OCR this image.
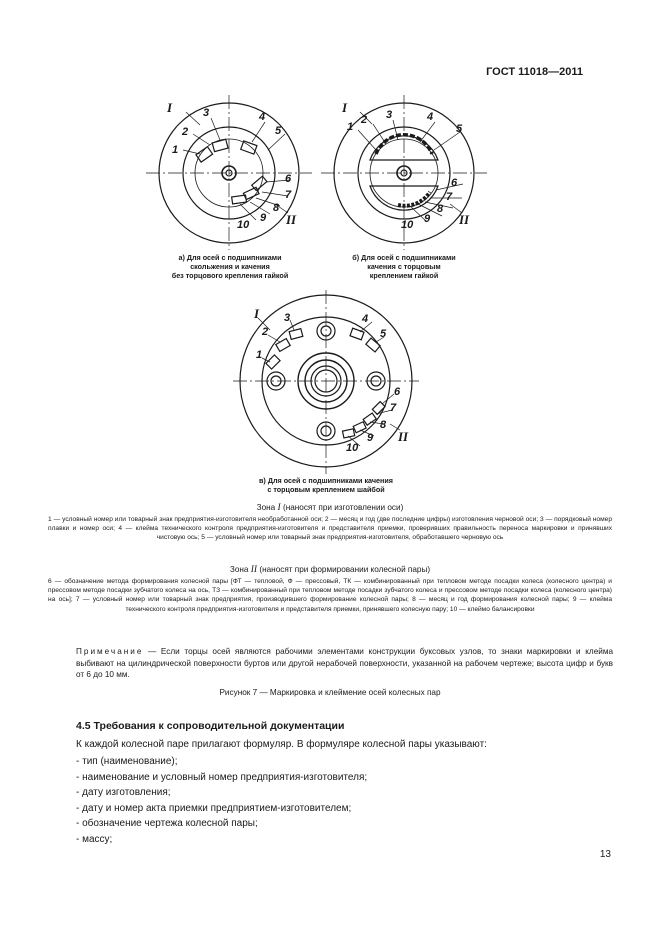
ГОСТ 11018—2011
1
2
3	4
5
6
7
8
9
10
1
2 3	4
5
6
7
8
9
10
1
2
3	4
5
6
7
8
9
10
I
II
I
II
I
II
а) Для осей с подшипниками
скольжения и качения
без торцового крепления гайкой
б) Для осей с подшипниками
качения с торцовым
креплением гайкой
в) Для осей с подшипниками качения
с торцовым креплением шайбой
Зона I (наносят при изготовлении оси)
1 — условный номер или товарный знак предприятия-изготовителя необработанной оси; 2 — месяц и год (две последние цифры) изготовления черновой оси; 3 — порядковый номер плавки и номер оси; 4 — клейма технического контроля предприятия-изготовителя и представителя приемки, проверивших правильность переноса маркировки и принявших чистовую ось; 5 — условный номер или товарный знак предприятия-изготовителя, обработавшего черновую ось
Зона II (наносят при формировании колесной пары)
6 — обозначение метода формирования колесной пары [ФТ — тепловой, Ф — прессовый, ТК — комбинированный при тепловом методе посадки колеса (колесного центра) и прессовом методе посадки зубчатого колеса на ось, ТЗ — комбинированный при тепловом методе посадки зубчатого колеса и прессовом методе посадки колеса (колесного центра) на ось]; 7 — условный номер или товарный знак предприятия, производившего формирование колесной пары; 8 — месяц и год формирования колесной пары; 9 — клейма технического контроля предприятия-изготовителя и представителя приемки, принявшего колесную пару; 10 — клеймо балансировки
Примечание — Если торцы осей являются рабочими элементами конструкции буксовых узлов, то знаки маркировки и клейма выбивают на цилиндрической поверхности буртов или другой нерабочей поверхности, указанной на рабочем чертеже; высота цифр и букв от 6 до 10 мм.
Рисунок 7 — Маркировка и клеймение осей колесных пар
4.5 Требования к сопроводительной документации
К каждой колесной паре прилагают формуляр. В формуляре колесной пары указывают:
- тип (наименование);
- наименование и условный номер предприятия-изготовителя;
- дату изготовления;
- дату и номер акта приемки предприятием-изготовителем;
- обозначение чертежа колесной пары;
- массу;
13
